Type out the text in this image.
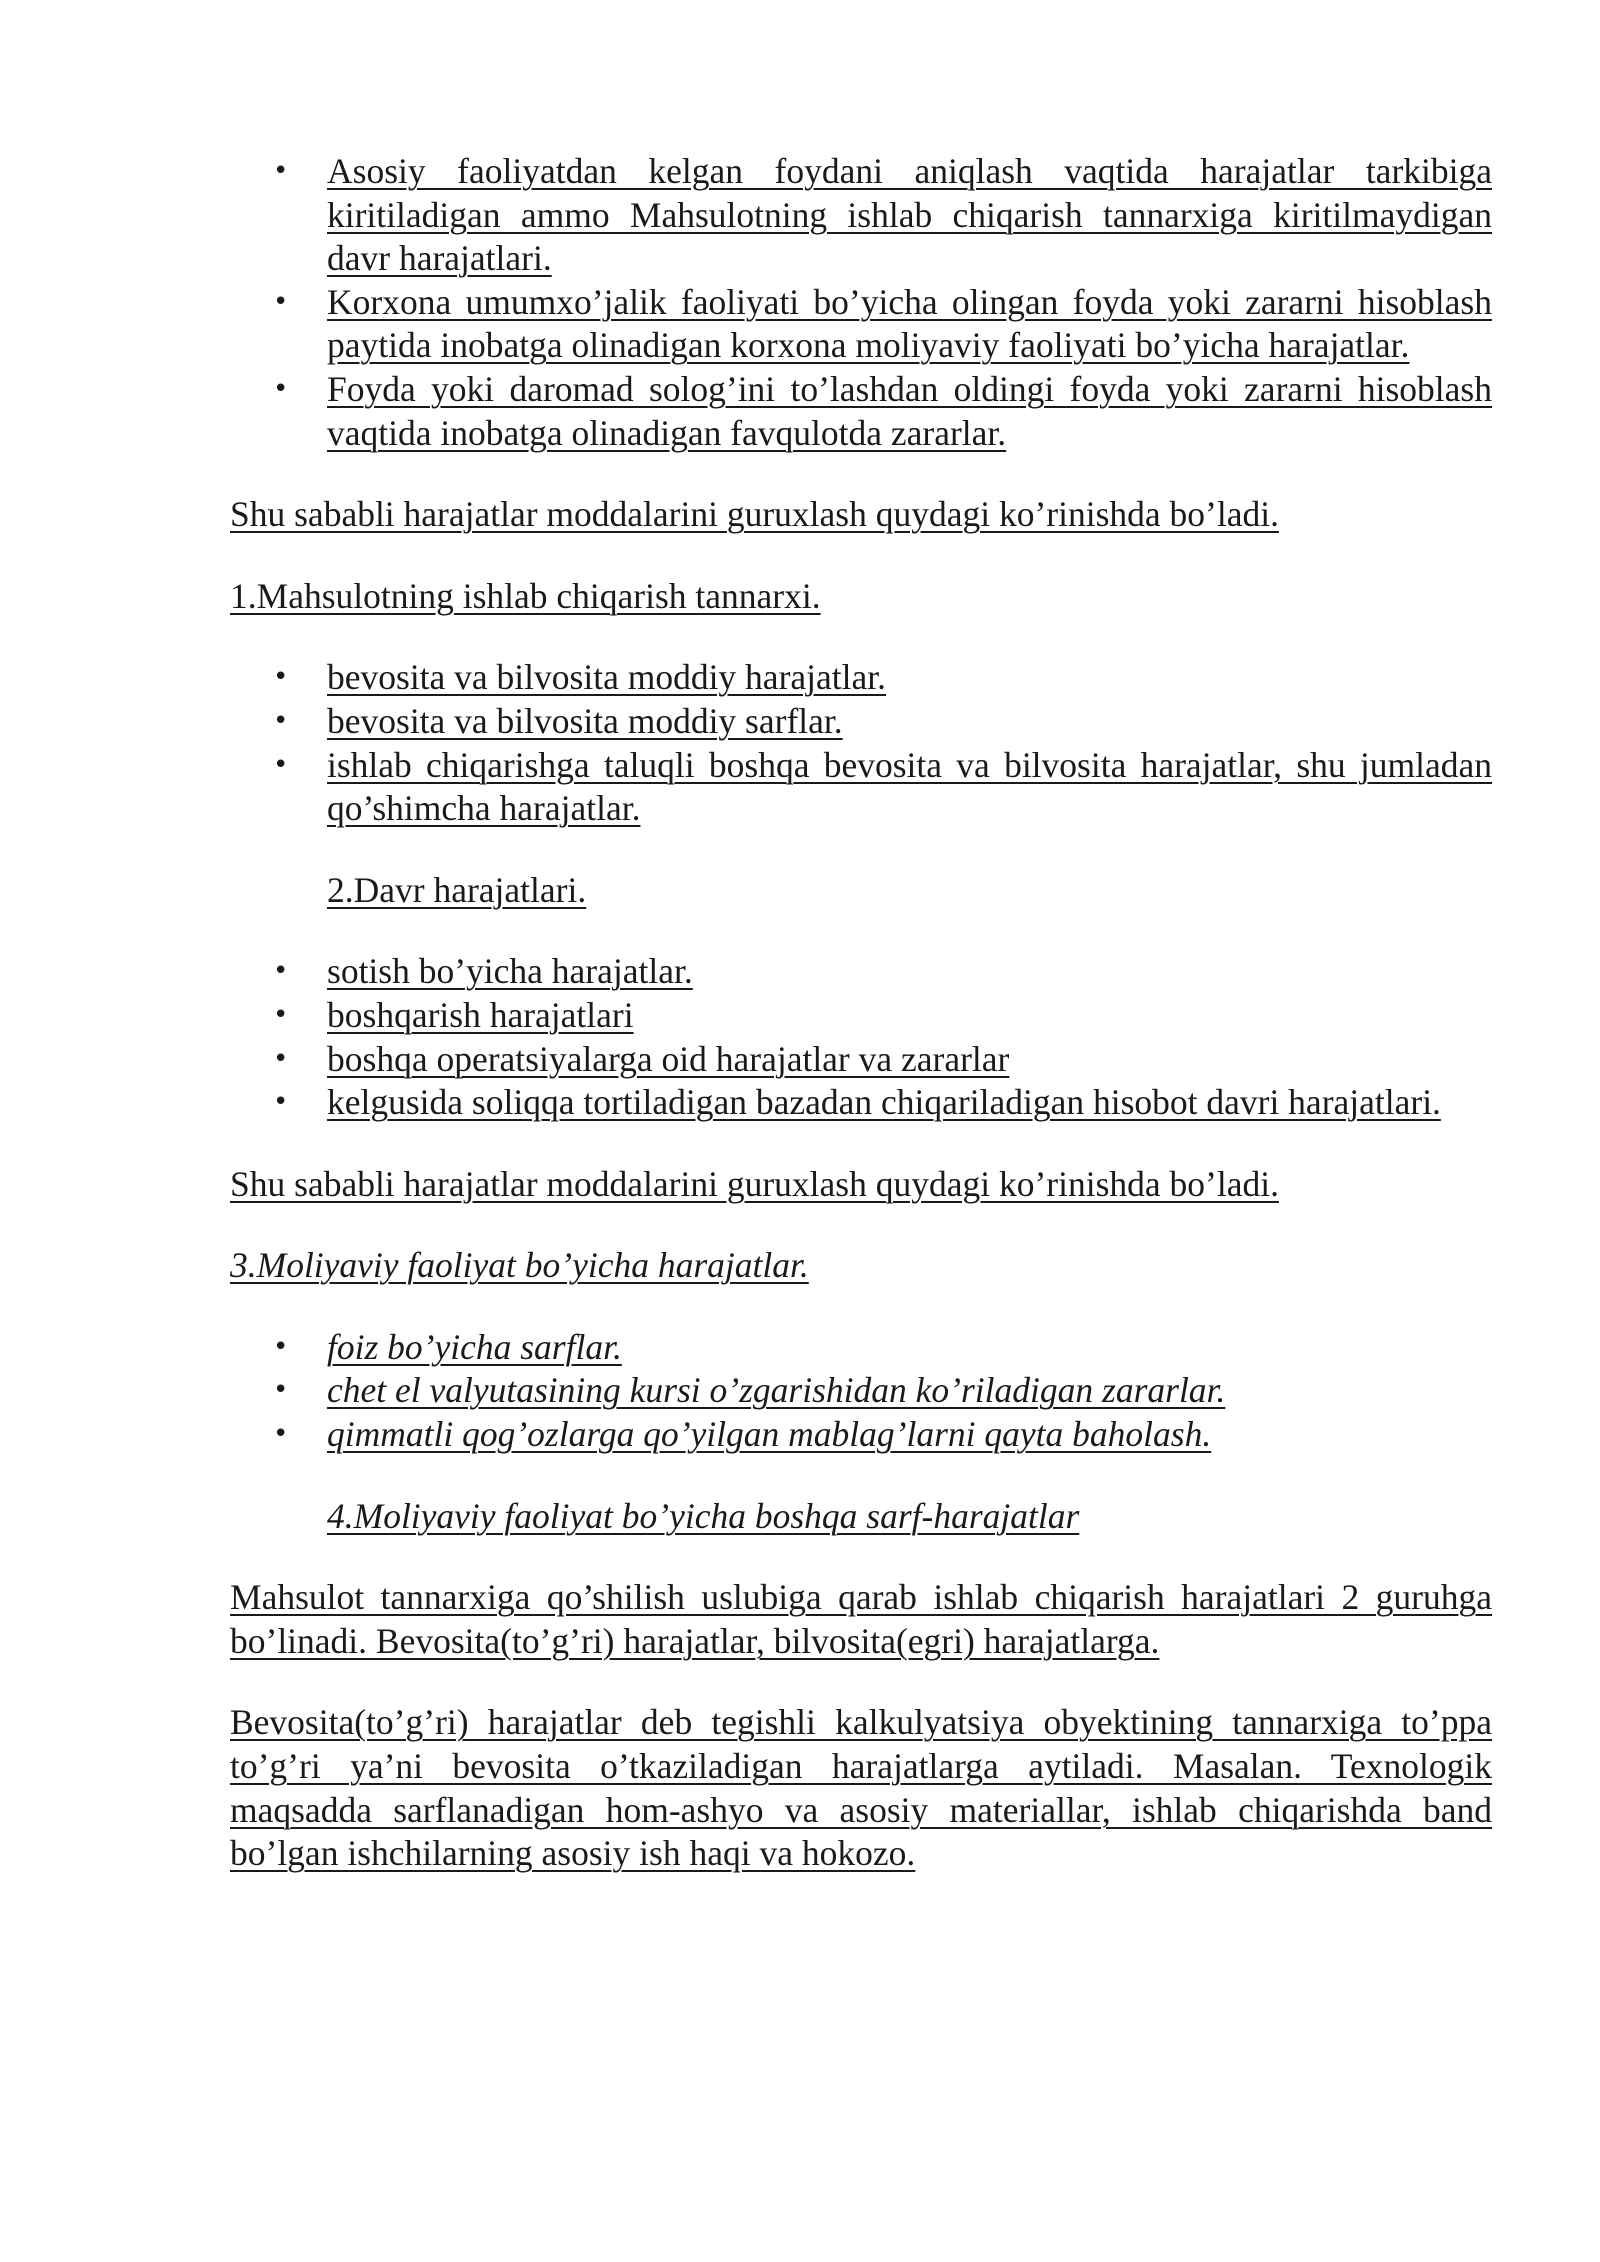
• Asosiy faoliyatdan kelgan foydani aniqlash vaqtida harajatlar tarkibiga kiritiladigan ammo Mahsulotning ishlab chiqarish tannarxiga kiritilmaydigan davr harajatlari.
• Korxona umumxo’jalik faoliyati bo’yicha olingan foyda yoki zararni hisoblash paytida inobatga olinadigan korxona moliyaviy faoliyati bo’yicha harajatlar.
• Foyda yoki daromad solog’ini to’lashdan oldingi foyda yoki zararni hisoblash vaqtida inobatga olinadigan favqulotda zararlar.

Shu sababli harajatlar moddalarini guruxlash quydagi ko’rinishda bo’ladi.

1.Mahsulotning ishlab chiqarish tannarxi.

• bevosita va bilvosita moddiy harajatlar.
• bevosita va bilvosita moddiy sarflar.
• ishlab chiqarishga taluqli boshqa bevosita va bilvosita harajatlar, shu jumladan qo’shimcha harajatlar.

2.Davr harajatlari.

• sotish bo’yicha harajatlar.
• boshqarish harajatlari
• boshqa operatsiyalarga oid harajatlar va zararlar
• kelgusida soliqqa tortiladigan bazadan chiqariladigan hisobot davri harajatlari.

Shu sababli harajatlar moddalarini guruxlash quydagi ko’rinishda bo’ladi.

3.Moliyaviy faoliyat bo’yicha harajatlar.

• foiz bo’yicha sarflar.
• chet el valyutasining kursi o’zgarishidan ko’riladigan zararlar.
• qimmatli qog’ozlarga qo’yilgan mablag’larni qayta baholash.

4.Moliyaviy faoliyat bo’yicha boshqa sarf-harajatlar

Mahsulot tannarxiga qo’shilish uslubiga qarab ishlab chiqarish harajatlari 2 guruhga bo’linadi. Bevosita(to’g’ri) harajatlar, bilvosita(egri) harajatlarga.

Bevosita(to’g’ri) harajatlar deb tegishli kalkulyatsiya obyektining tannarxiga to’ppa to’g’ri ya’ni bevosita o’tkaziladigan harajatlarga aytiladi. Masalan. Texnologik maqsadda sarflanadigan hom-ashyo va asosiy materiallar, ishlab chiqarishda band bo’lgan ishchilarning asosiy ish haqi va hokozo.
